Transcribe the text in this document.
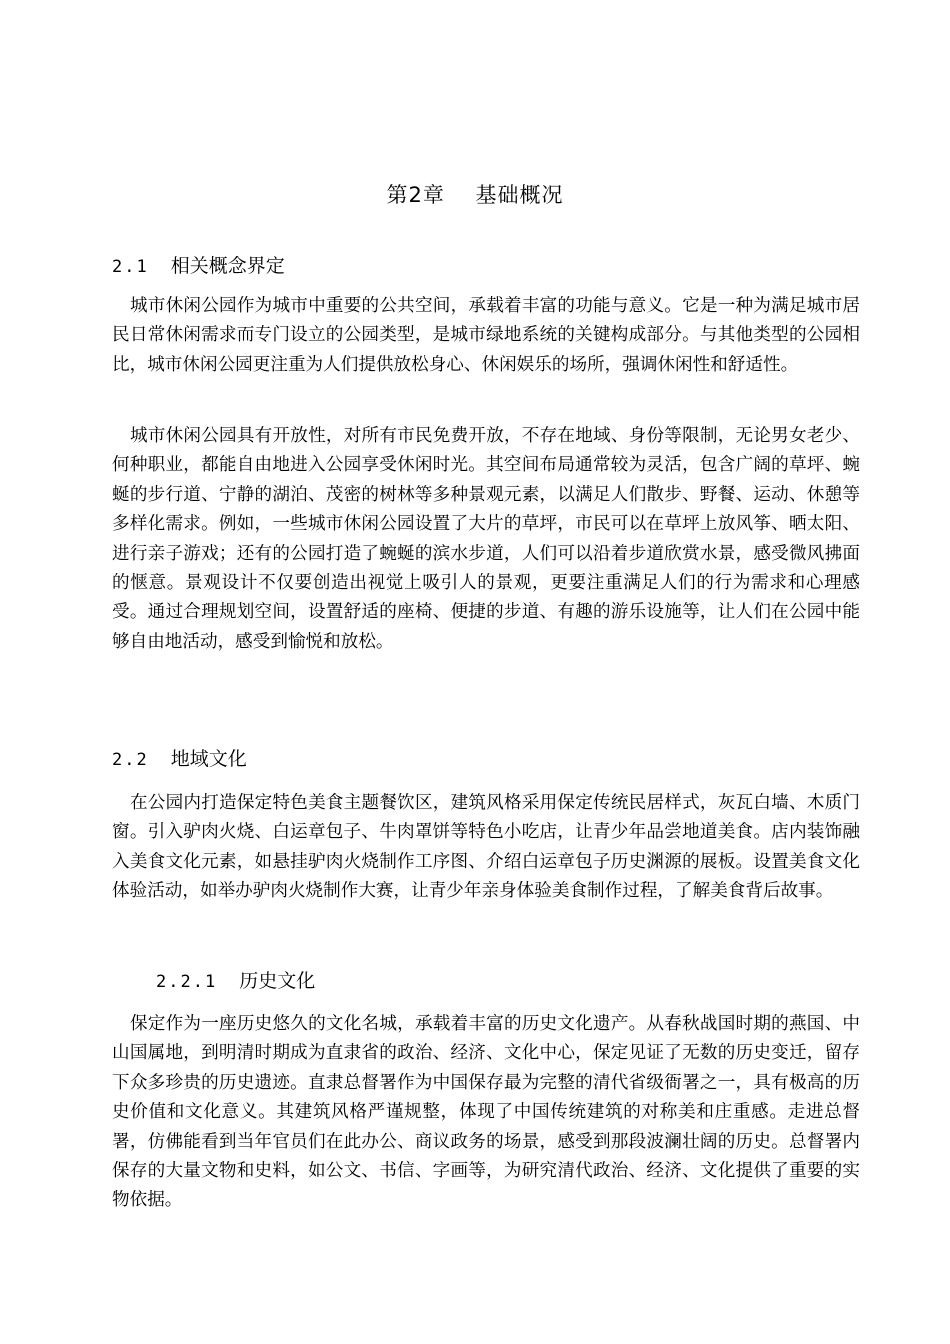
第2章    基础概况
2.1 相关概念界定

城市休闲公园作为城市中重要的公共空间，承载着丰富的功能与意义。它是一种为满足城市居民日常休闲需求而专门设立的公园类型，是城市绿地系统的关键构成部分。与其他类型的公园相比，城市休闲公园更注重为人们提供放松身心、休闲娱乐的场所，强调休闲性和舒适性。

城市休闲公园具有开放性，对所有市民免费开放，不存在地域、身份等限制，无论男女老少、何种职业，都能自由地进入公园享受休闲时光。其空间布局通常较为灵活，包含广阔的草坪、蜿蜒的步行道、宁静的湖泊、茂密的树林等多种景观元素，以满足人们散步、野餐、运动、休憩等多样化需求。例如，一些城市休闲公园设置了大片的草坪，市民可以在草坪上放风筝、晒太阳、进行亲子游戏；还有的公园打造了蜿蜒的滨水步道，人们可以沿着步道欣赏水景，感受微风拂面的惬意。景观设计不仅要创造出视觉上吸引人的景观，更要注重满足人们的行为需求和心理感受。通过合理规划空间，设置舒适的座椅、便捷的步道、有趣的游乐设施等，让人们在公园中能够自由地活动，感受到愉悦和放松。

2.2 地域文化

在公园内打造保定特色美食主题餐饮区，建筑风格采用保定传统民居样式，灰瓦白墙、木质门窗。引入驴肉火烧、白运章包子、牛肉罩饼等特色小吃店，让青少年品尝地道美食。店内装饰融入美食文化元素，如悬挂驴肉火烧制作工序图、介绍白运章包子历史渊源的展板。设置美食文化体验活动，如举办驴肉火烧制作大赛，让青少年亲身体验美食制作过程，了解美食背后故事。

2.2.1 历史文化

保定作为一座历史悠久的文化名城，承载着丰富的历史文化遗产。从春秋战国时期的燕国、中山国属地，到明清时期成为直隶省的政治、经济、文化中心，保定见证了无数的历史变迁，留存下众多珍贵的历史遗迹。直隶总督署作为中国保存最为完整的清代省级衙署之一，具有极高的历史价值和文化意义。其建筑风格严谨规整，体现了中国传统建筑的对称美和庄重感。走进总督署，仿佛能看到当年官员们在此办公、商议政务的场景，感受到那段波澜壮阔的历史。总督署内保存的大量文物和史料，如公文、书信、字画等，为研究清代政治、经济、文化提供了重要的实物依据。
